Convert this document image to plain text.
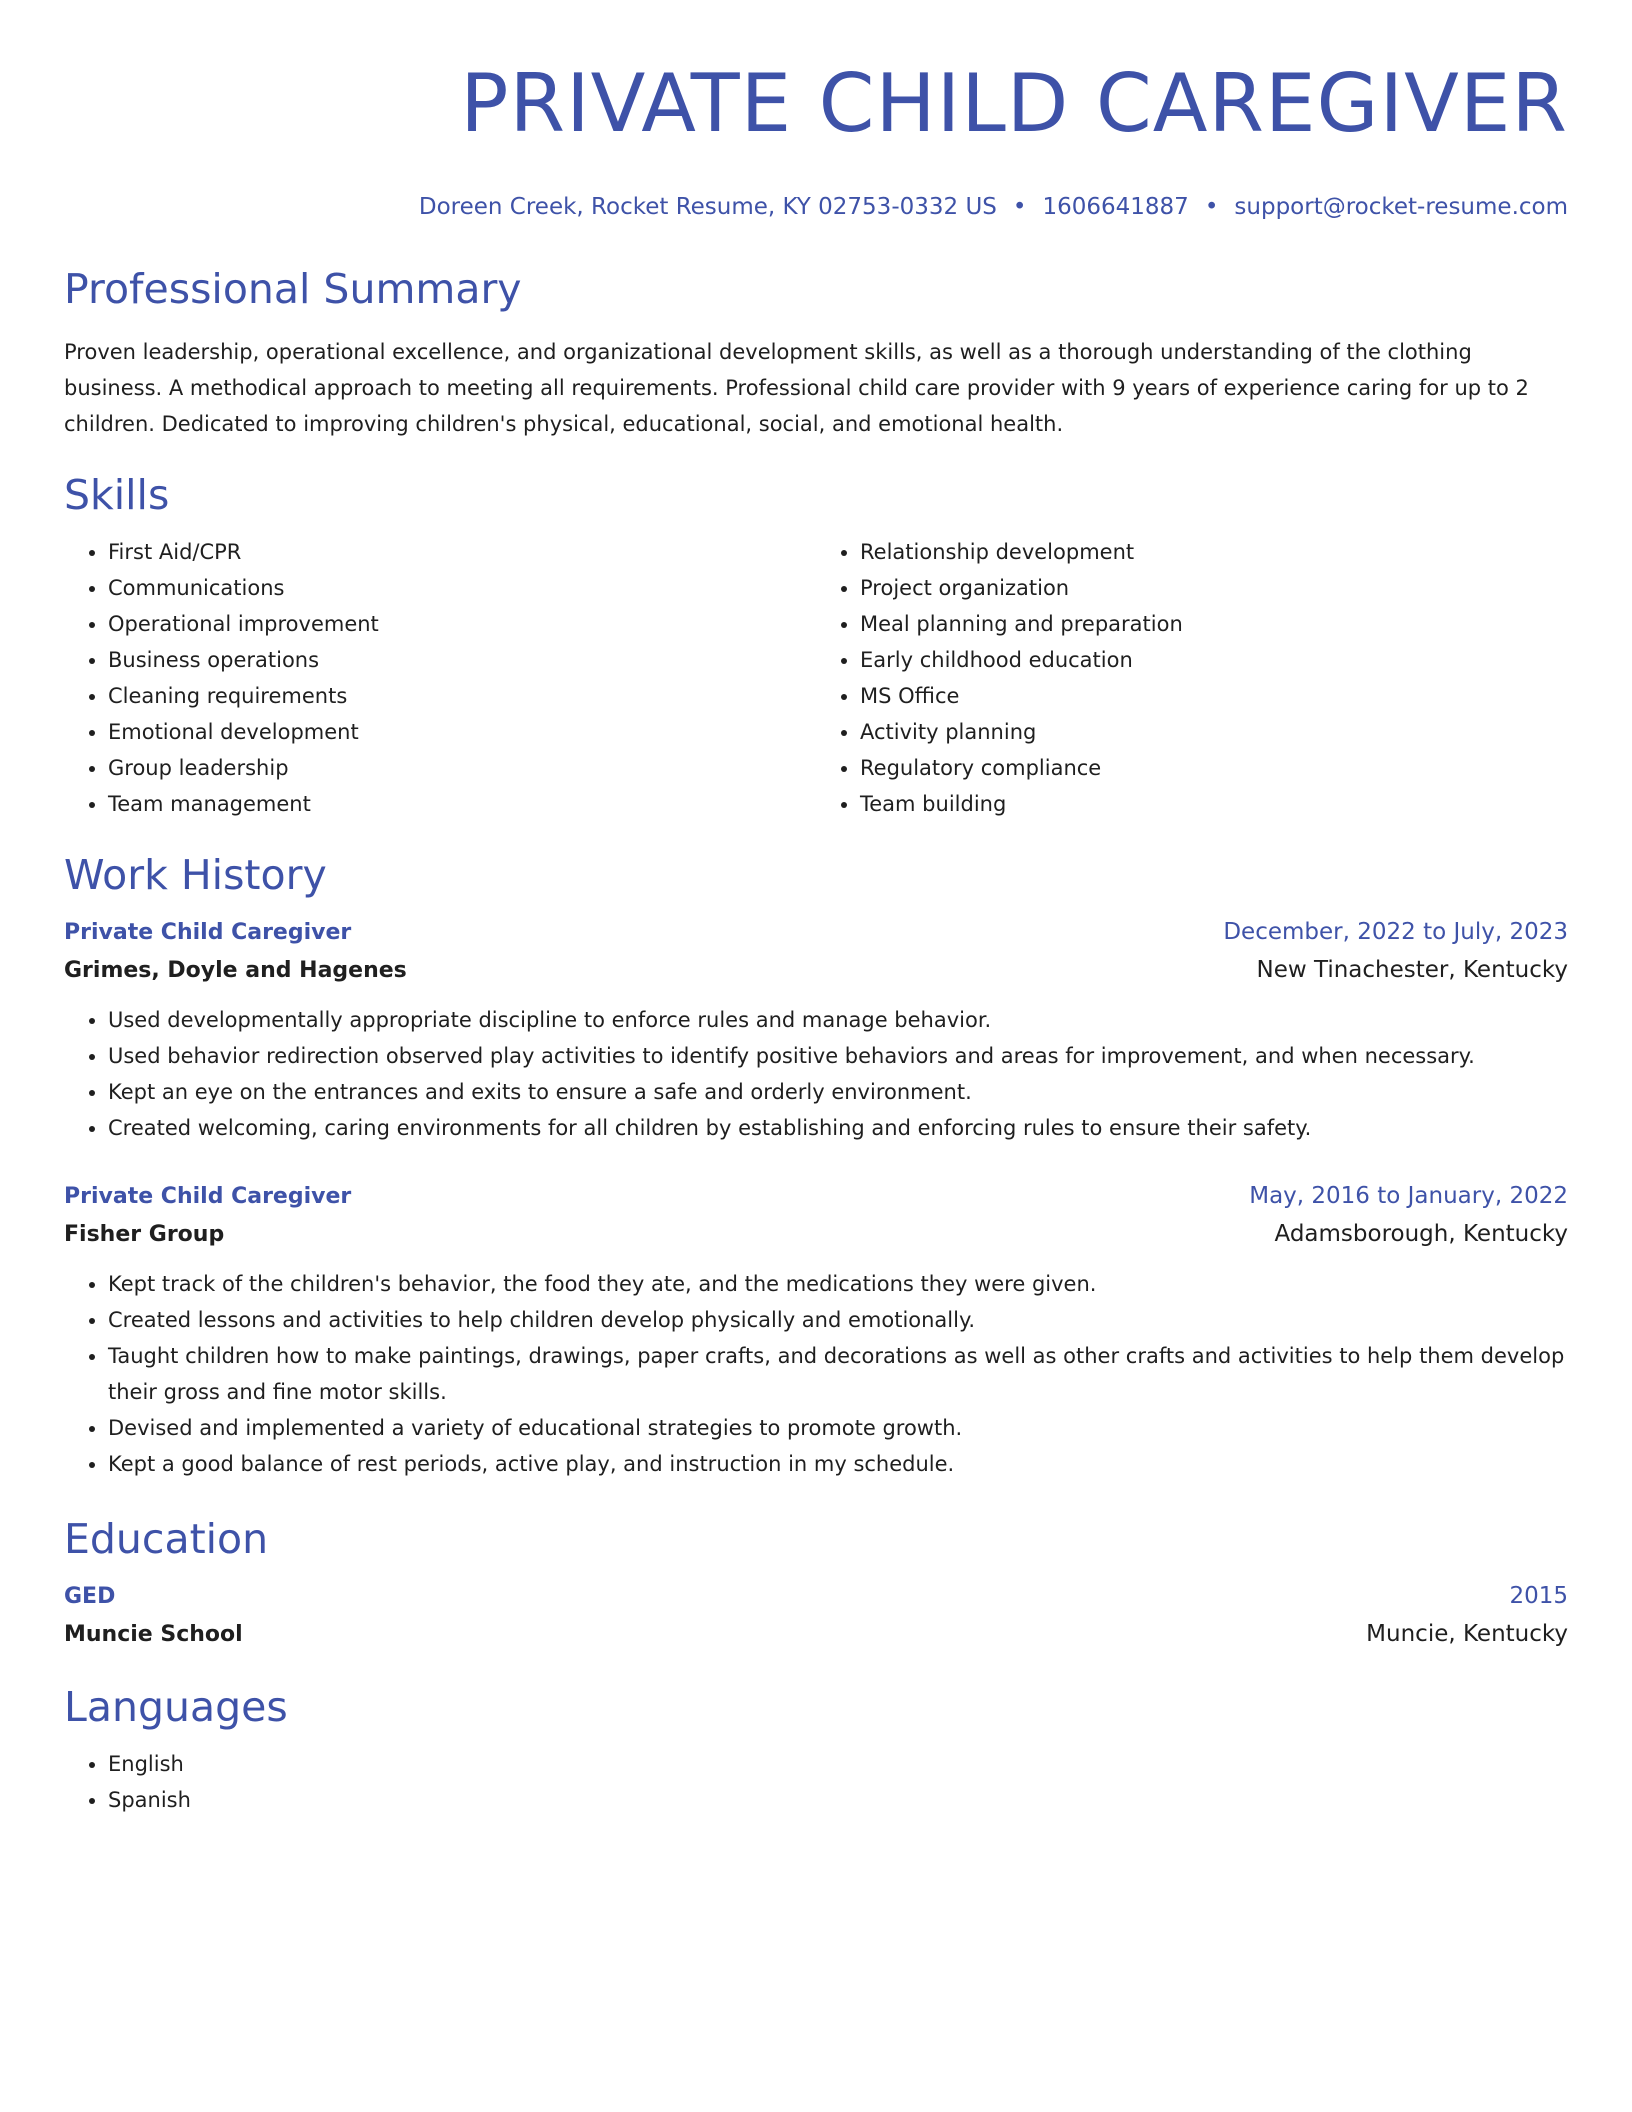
PRIVATE CHILD CAREGIVER
Doreen Creek, Rocket Resume, KY 02753-0332 US • 1606641887 • support@rocket-resume.com
Professional Summary
Proven leadership, operational excellence, and organizational development skills, as well as a thorough understanding of the clothing business. A methodical approach to meeting all requirements. Professional child care provider with 9 years of experience caring for up to 2 children. Dedicated to improving children's physical, educational, social, and emotional health.
Skills
• First Aid/CPR
• Communications
• Operational improvement
• Business operations
• Cleaning requirements
• Emotional development
• Group leadership
• Team management
• Relationship development
• Project organization
• Meal planning and preparation
• Early childhood education
• MS Office
• Activity planning
• Regulatory compliance
• Team building
Work History
Private Child Caregiver	December, 2022 to July, 2023
Grimes, Doyle and Hagenes	New Tinachester, Kentucky
• Used developmentally appropriate discipline to enforce rules and manage behavior.
• Used behavior redirection observed play activities to identify positive behaviors and areas for improvement, and when necessary.
• Kept an eye on the entrances and exits to ensure a safe and orderly environment.
• Created welcoming, caring environments for all children by establishing and enforcing rules to ensure their safety.
Private Child Caregiver	May, 2016 to January, 2022
Fisher Group	Adamsborough, Kentucky
• Kept track of the children's behavior, the food they ate, and the medications they were given.
• Created lessons and activities to help children develop physically and emotionally.
• Taught children how to make paintings, drawings, paper crafts, and decorations as well as other crafts and activities to help them develop their gross and fine motor skills.
• Devised and implemented a variety of educational strategies to promote growth.
• Kept a good balance of rest periods, active play, and instruction in my schedule.
Education
GED	2015
Muncie School	Muncie, Kentucky
Languages
• English
• Spanish
